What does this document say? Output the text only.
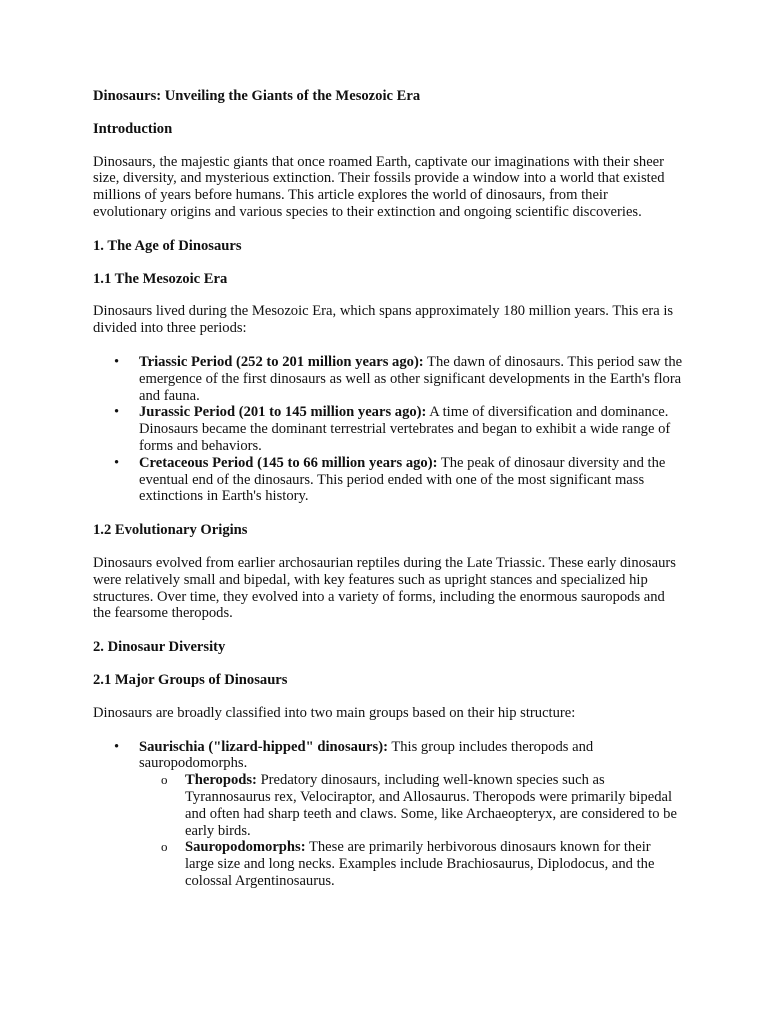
Dinosaurs: Unveiling the Giants of the Mesozoic Era
Introduction

Dinosaurs, the majestic giants that once roamed Earth, captivate our imaginations with their sheer size, diversity, and mysterious extinction. Their fossils provide a window into a world that existed millions of years before humans. This article explores the world of dinosaurs, from their evolutionary origins and various species to their extinction and ongoing scientific discoveries.

1. The Age of Dinosaurs
1.1 The Mesozoic Era

Dinosaurs lived during the Mesozoic Era, which spans approximately 180 million years. This era is divided into three periods:

• Triassic Period (252 to 201 million years ago): The dawn of dinosaurs. This period saw the emergence of the first dinosaurs as well as other significant developments in the Earth's flora and fauna.
• Jurassic Period (201 to 145 million years ago): A time of diversification and dominance. Dinosaurs became the dominant terrestrial vertebrates and began to exhibit a wide range of forms and behaviors.
• Cretaceous Period (145 to 66 million years ago): The peak of dinosaur diversity and the eventual end of the dinosaurs. This period ended with one of the most significant mass extinctions in Earth's history.
1.2 Evolutionary Origins

Dinosaurs evolved from earlier archosaurian reptiles during the Late Triassic. These early dinosaurs were relatively small and bipedal, with key features such as upright stances and specialized hip structures. Over time, they evolved into a variety of forms, including the enormous sauropods and the fearsome theropods.

2. Dinosaur Diversity
2.1 Major Groups of Dinosaurs

Dinosaurs are broadly classified into two main groups based on their hip structure:

• Saurischia ("lizard-hipped" dinosaurs): This group includes theropods and sauropodomorphs.
o Theropods: Predatory dinosaurs, including well-known species such as Tyrannosaurus rex, Velociraptor, and Allosaurus. Theropods were primarily bipedal and often had sharp teeth and claws. Some, like Archaeopteryx, are considered to be early birds.
o Sauropodomorphs: These are primarily herbivorous dinosaurs known for their large size and long necks. Examples include Brachiosaurus, Diplodocus, and the colossal Argentinosaurus.
